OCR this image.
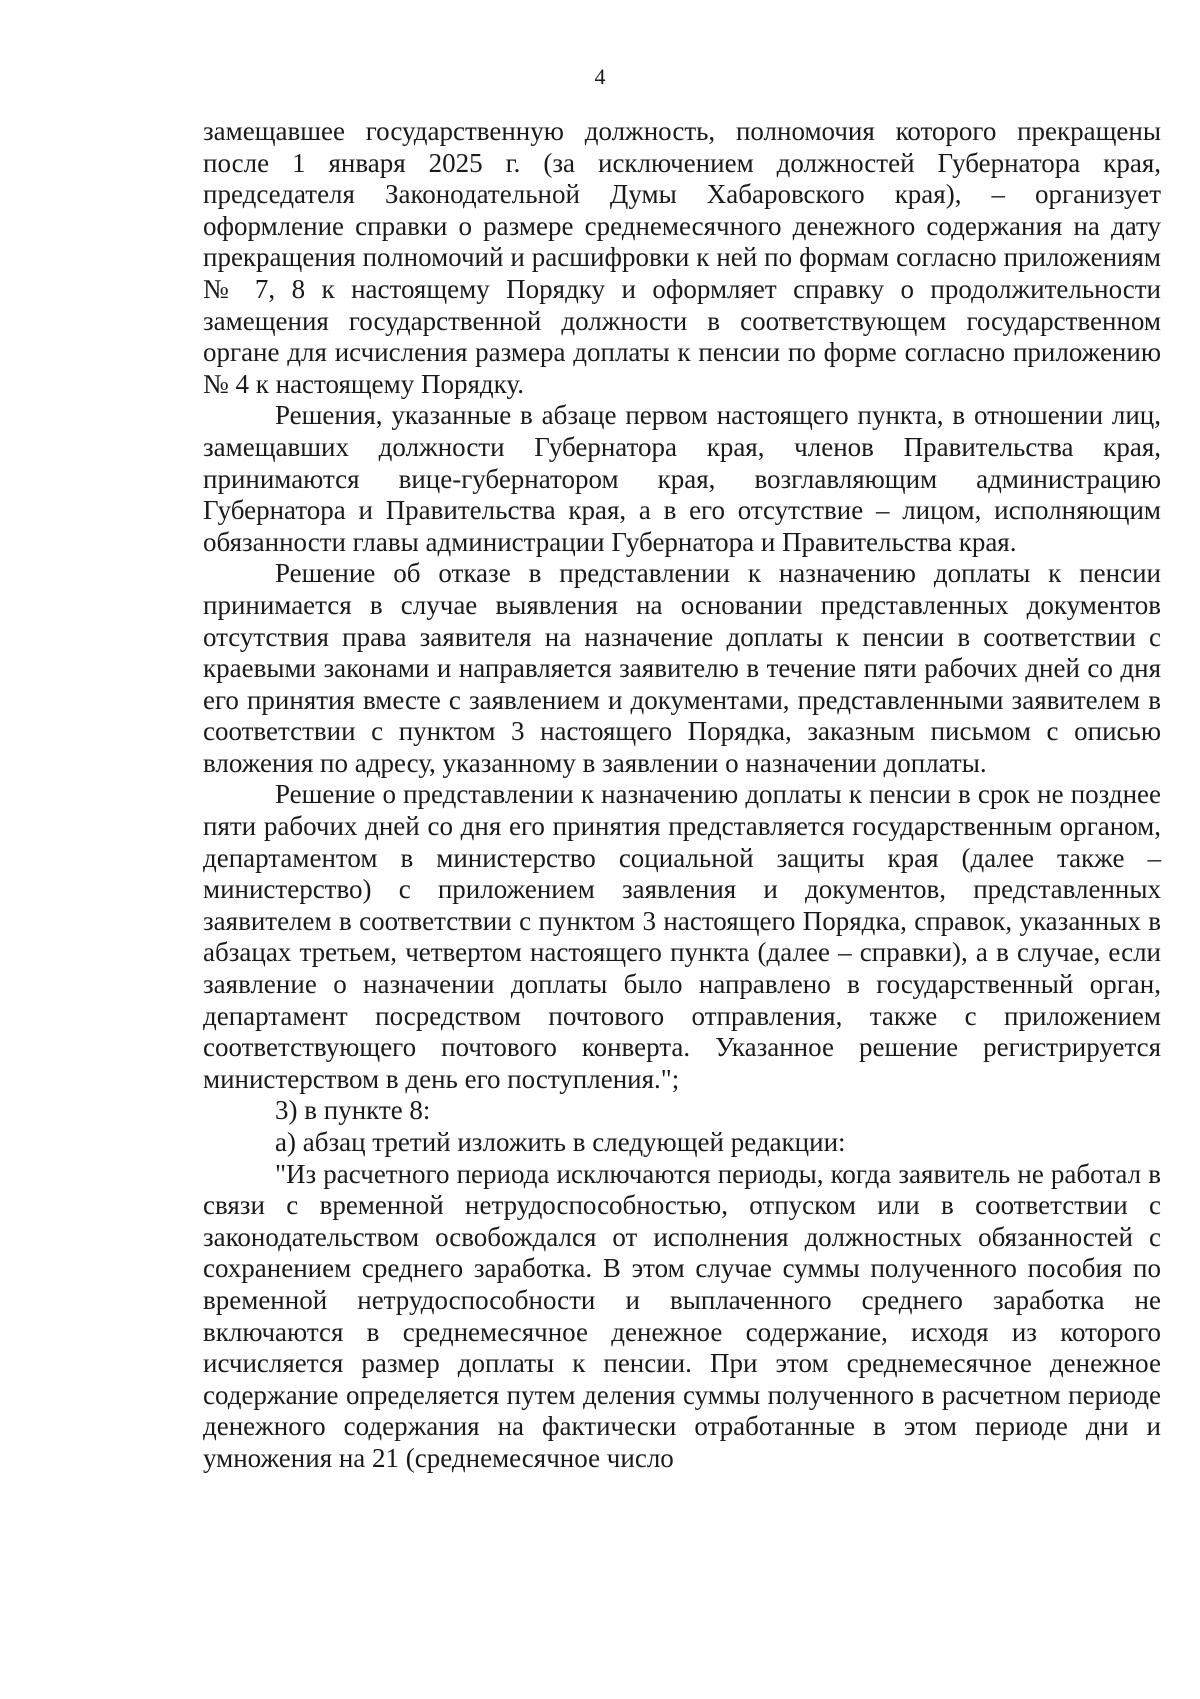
4

замещавшее государственную должность, полномочия которого прекращены после 1 января 2025 г. (за исключением должностей Губернатора края, председателя Законодательной Думы Хабаровского края), – организует оформление справки о размере среднемесячного денежного содержания на дату прекращения полномочий и расшифровки к ней по формам согласно приложениям № 7, 8 к настоящему Порядку и оформляет справку о продолжительности замещения государственной должности в соответствующем государственном органе для исчисления размера доплаты к пенсии по форме согласно приложению № 4 к настоящему Порядку.

Решения, указанные в абзаце первом настоящего пункта, в отношении лиц, замещавших должности Губернатора края, членов Правительства края, принимаются вице-губернатором края, возглавляющим администрацию Губернатора и Правительства края, а в его отсутствие – лицом, исполняющим обязанности главы администрации Губернатора и Правительства края.

Решение об отказе в представлении к назначению доплаты к пенсии принимается в случае выявления на основании представленных документов отсутствия права заявителя на назначение доплаты к пенсии в соответствии с краевыми законами и направляется заявителю в течение пяти рабочих дней со дня его принятия вместе с заявлением и документами, представленными заявителем в соответствии с пунктом 3 настоящего Порядка, заказным письмом с описью вложения по адресу, указанному в заявлении о назначении доплаты.

Решение о представлении к назначению доплаты к пенсии в срок не позднее пяти рабочих дней со дня его принятия представляется государственным органом, департаментом в министерство социальной защиты края (далее также – министерство) с приложением заявления и документов, представленных заявителем в соответствии с пунктом 3 настоящего Порядка, справок, указанных в абзацах третьем, четвертом настоящего пункта (далее – справки), а в случае, если заявление о назначении доплаты было направлено в государственный орган, департамент посредством почтового отправления, также с приложением соответствующего почтового конверта. Указанное решение регистрируется министерством в день его поступления.";

3) в пункте 8:

а) абзац третий изложить в следующей редакции:

"Из расчетного периода исключаются периоды, когда заявитель не работал в связи с временной нетрудоспособностью, отпуском или в соответствии с законодательством освобождался от исполнения должностных обязанностей с сохранением среднего заработка. В этом случае суммы полученного пособия по временной нетрудоспособности и выплаченного среднего заработка не включаются в среднемесячное денежное содержание, исходя из которого исчисляется размер доплаты к пенсии. При этом среднемесячное денежное содержание определяется путем деления суммы полученного в расчетном периоде денежного содержания на фактически отработанные в этом периоде дни и умножения на 21 (среднемесячное число
